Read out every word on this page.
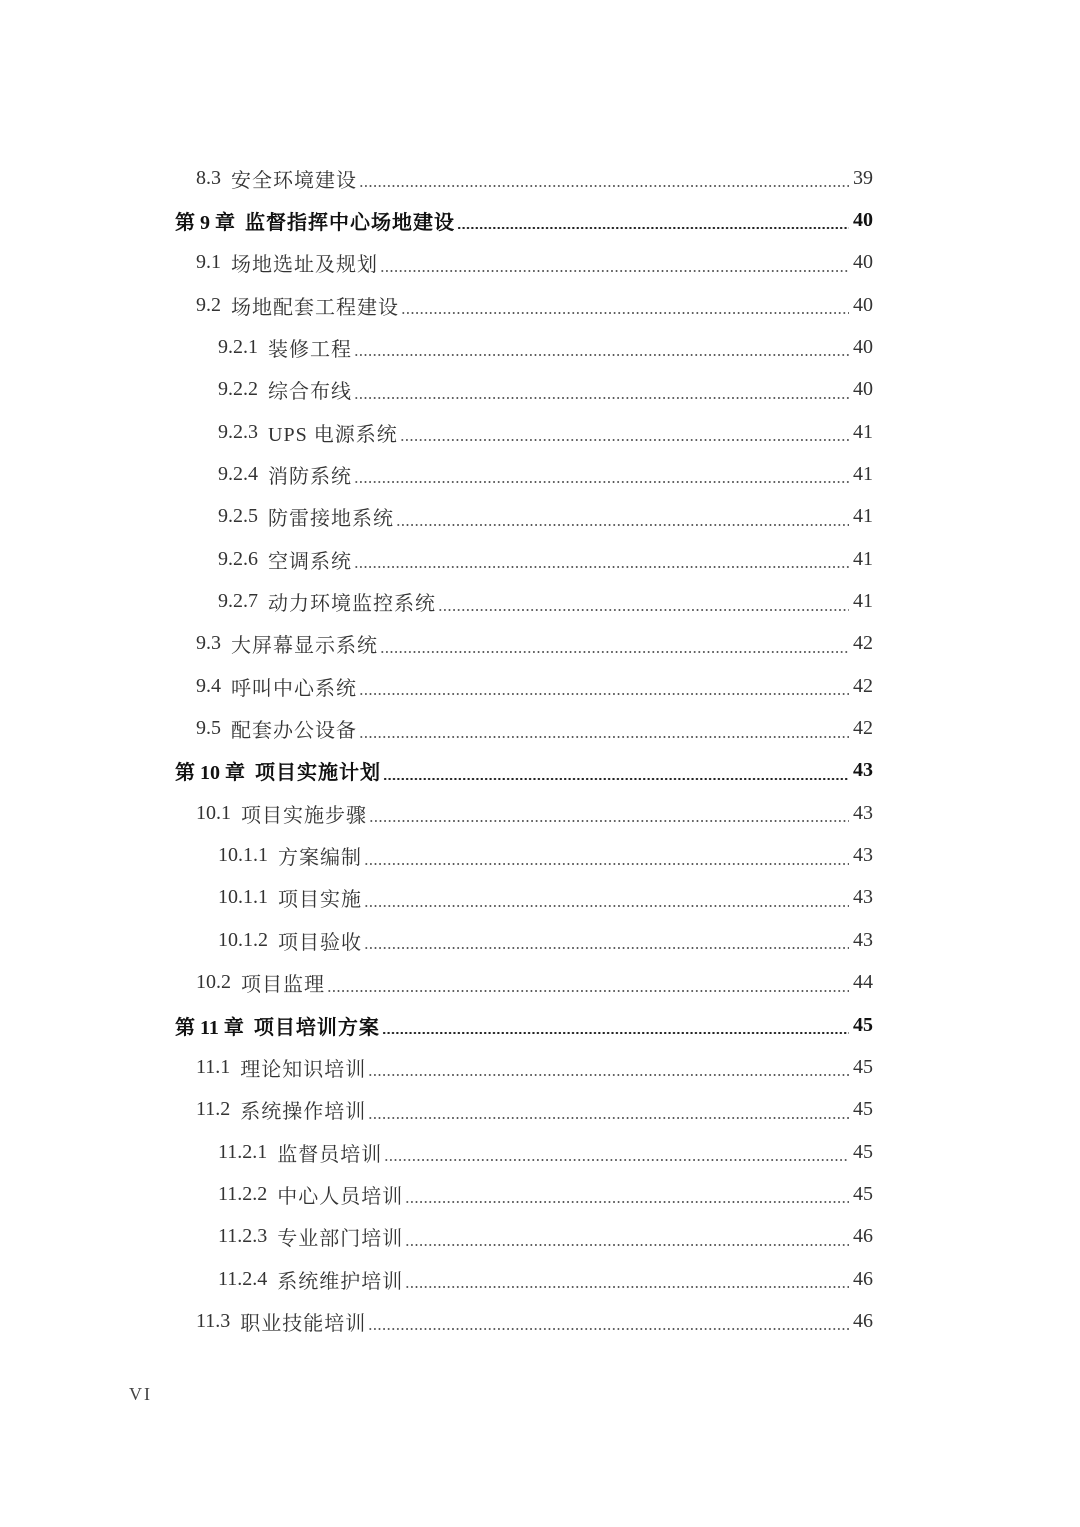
8.3 安全环境建设	39
第 9 章 监督指挥中心场地建设	40
9.1 场地选址及规划	40
9.2 场地配套工程建设	40
9.2.1 装修工程	40
9.2.2 综合布线	40
9.2.3 UPS 电源系统	41
9.2.4 消防系统	41
9.2.5 防雷接地系统	41
9.2.6 空调系统	41
9.2.7 动力环境监控系统	41
9.3 大屏幕显示系统	42
9.4 呼叫中心系统	42
9.5 配套办公设备	42
第 10 章 项目实施计划	43
10.1 项目实施步骤	43
10.1.1 方案编制	43
10.1.1 项目实施	43
10.1.2 项目验收	43
10.2 项目监理	44
第 11 章 项目培训方案	45
11.1 理论知识培训	45
11.2 系统操作培训	45
11.2.1 监督员培训	45
11.2.2 中心人员培训	45
11.2.3 专业部门培训	46
11.2.4 系统维护培训	46
11.3 职业技能培训	46
VI
